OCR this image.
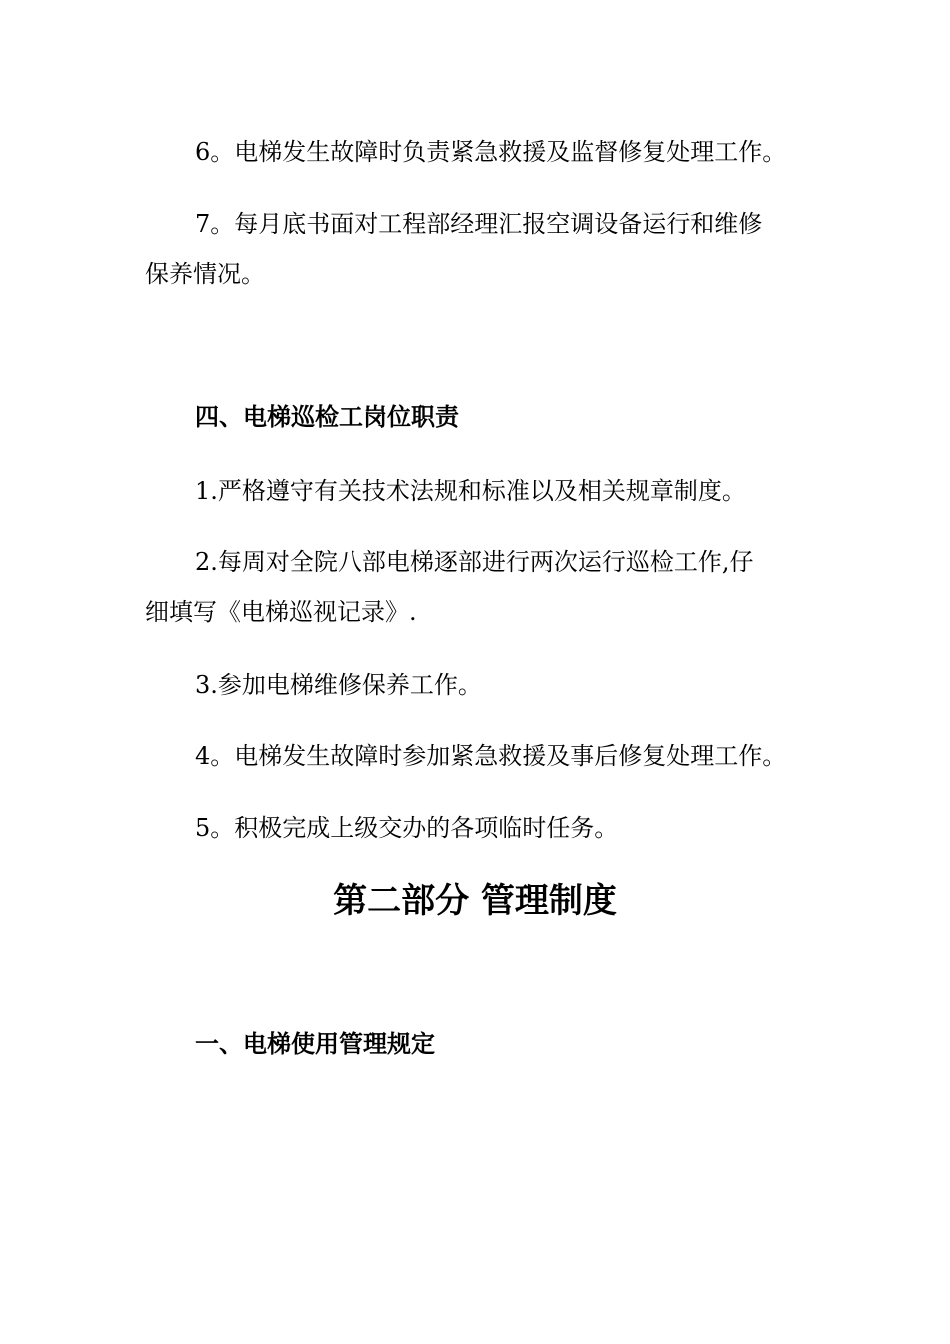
6。电梯发生故障时负责紧急救援及监督修复处理工作。

7。每月底书面对工程部经理汇报空调设备运行和维修

保养情况。

四、电梯巡检工岗位职责

1.严格遵守有关技术法规和标准以及相关规章制度。

2.每周对全院八部电梯逐部进行两次运行巡检工作,仔

细填写《电梯巡视记录》.

3.参加电梯维修保养工作。

4。电梯发生故障时参加紧急救援及事后修复处理工作。

5。积极完成上级交办的各项临时任务。

第二部分 管理制度
一、电梯使用管理规定
